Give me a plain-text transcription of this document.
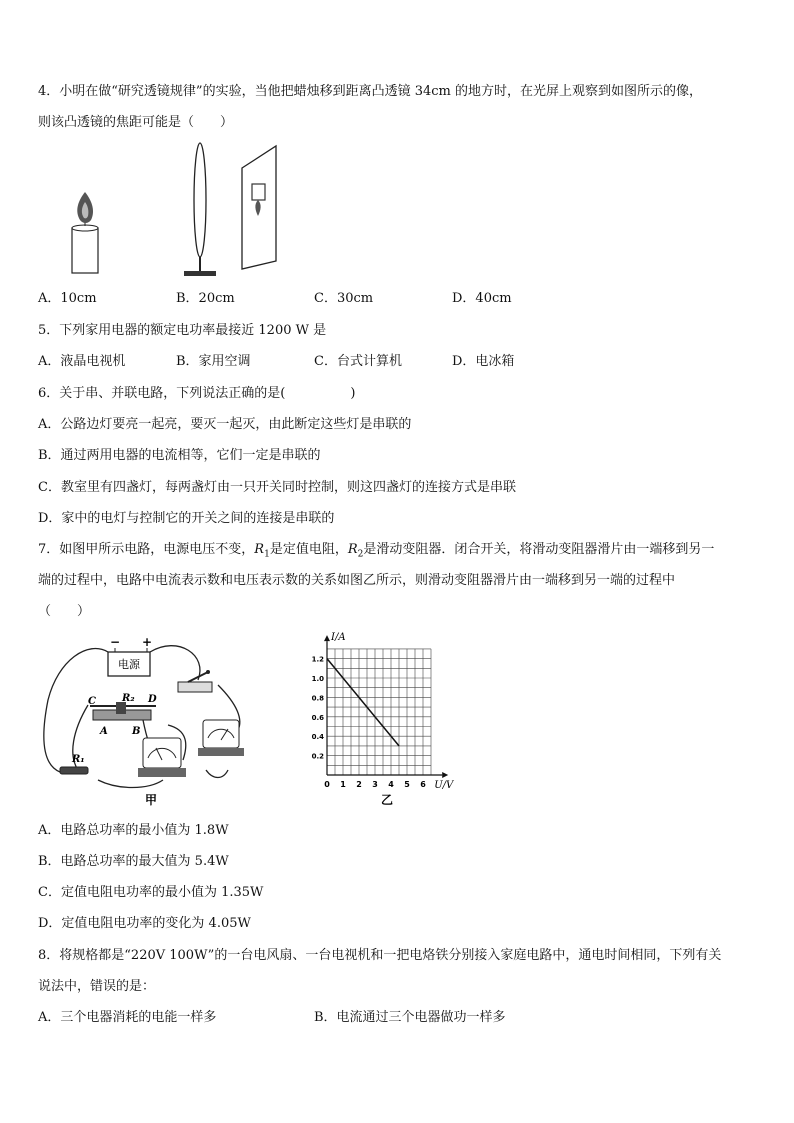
4．小明在做“研究透镜规律”的实验，当他把蜡烛移到距离凸透镜 34cm 的地方时，在光屏上观察到如图所示的像，
则该凸透镜的焦距可能是（　　）
A．10cm	B．20cm	C．30cm	D．40cm
5．下列家用电器的额定电功率最接近 1200 W 是
A．液晶电视机	B．家用空调	C．台式计算机	D．电冰箱
6．关于串、并联电路，下列说法正确的是(　　　　　)
A．公路边灯要亮一起亮，要灭一起灭，由此断定这些灯是串联的
B．通过两用电器的电流相等，它们一定是串联的
C．教室里有四盏灯，每两盏灯由一只开关同时控制，则这四盏灯的连接方式是串联
D．家中的电灯与控制它的开关之间的连接是串联的
7．如图甲所示电路，电源电压不变，$R_1$是定值电阻，$R_2$是滑动变阻器．闭合开关，将滑动变阻器滑片由一端移到另一
端的过程中，电路中电流表示数和电压表示数的关系如图乙所示，则滑动变阻器滑片由一端移到另一端的过程中
（　　）
电源
− +
C	R₂ D
A B
R₁
甲
0 1 2 3 4 5 6
0.2
0.4
0.6
0.8
1.0
1.2
U/V
I/A
乙
A．电路总功率的最小值为 1.8W
B．电路总功率的最大值为 5.4W
C．定值电阻电功率的最小值为 1.35W
D．定值电阻电功率的变化为 4.05W
8．将规格都是“220V 100W”的一台电风扇、一台电视机和一把电烙铁分别接入家庭电路中，通电时间相同，下列有关
说法中，错误的是：
A．三个电器消耗的电能一样多	B．电流通过三个电器做功一样多
